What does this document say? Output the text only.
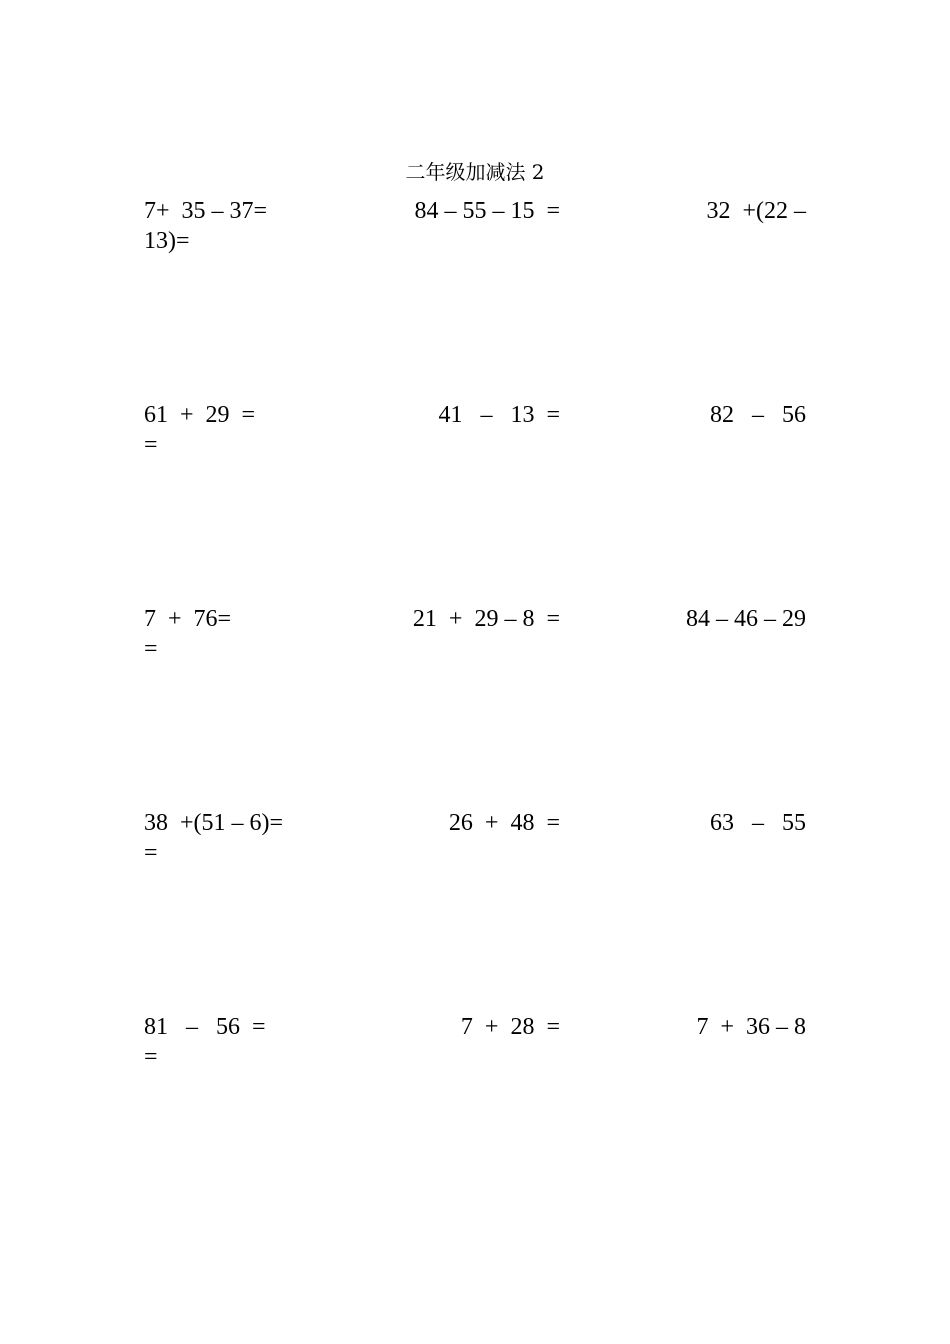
二年级加减法 2
7+  35 – 37=	84 – 55 – 15  =	32  +(22 –
13)=
61  +  29  =	41   –   13  =	82   –   56
=
7  +  76=	21  +  29 – 8  =	84 – 46 – 29
=
38  +(51 – 6)=	26  +  48  =	63   –   55
=
81   –   56  =	7  +  28  =	7  +  36 – 8
=
